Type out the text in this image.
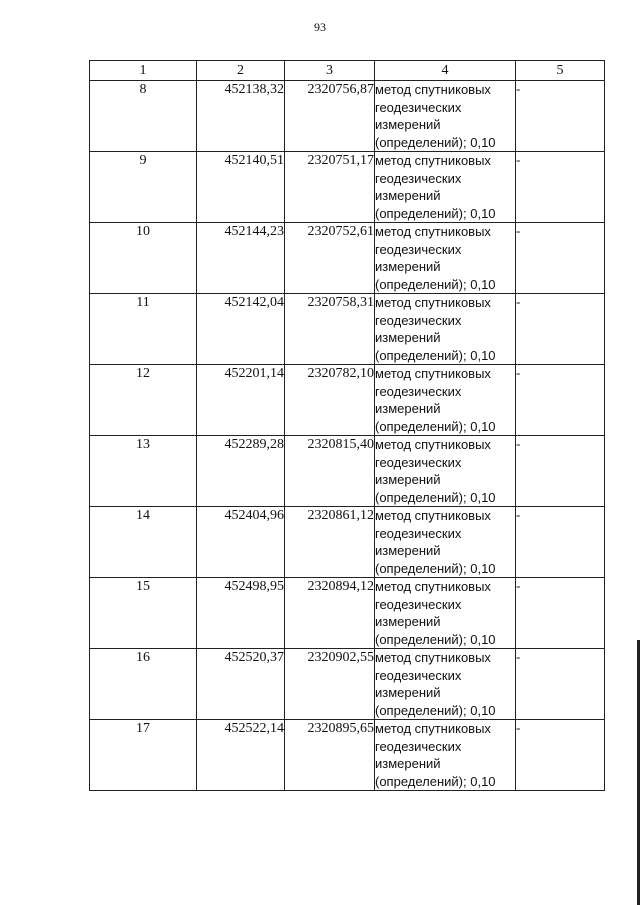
93
1	2	3	4	5
8	452138,32	2320756,87	метод спутниковых
геодезических
измерений
(определений); 0,10	-
9	452140,51	2320751,17	метод спутниковых
геодезических
измерений
(определений); 0,10	-
10	452144,23	2320752,61	метод спутниковых
геодезических
измерений
(определений); 0,10	-
11	452142,04	2320758,31	метод спутниковых
геодезических
измерений
(определений); 0,10	-
12	452201,14	2320782,10	метод спутниковых
геодезических
измерений
(определений); 0,10	-
13	452289,28	2320815,40	метод спутниковых
геодезических
измерений
(определений); 0,10	-
14	452404,96	2320861,12	метод спутниковых
геодезических
измерений
(определений); 0,10	-
15	452498,95	2320894,12	метод спутниковых
геодезических
измерений
(определений); 0,10	-
16	452520,37	2320902,55	метод спутниковых
геодезических
измерений
(определений); 0,10	-
17	452522,14	2320895,65	метод спутниковых
геодезических
измерений
(определений); 0,10	-
